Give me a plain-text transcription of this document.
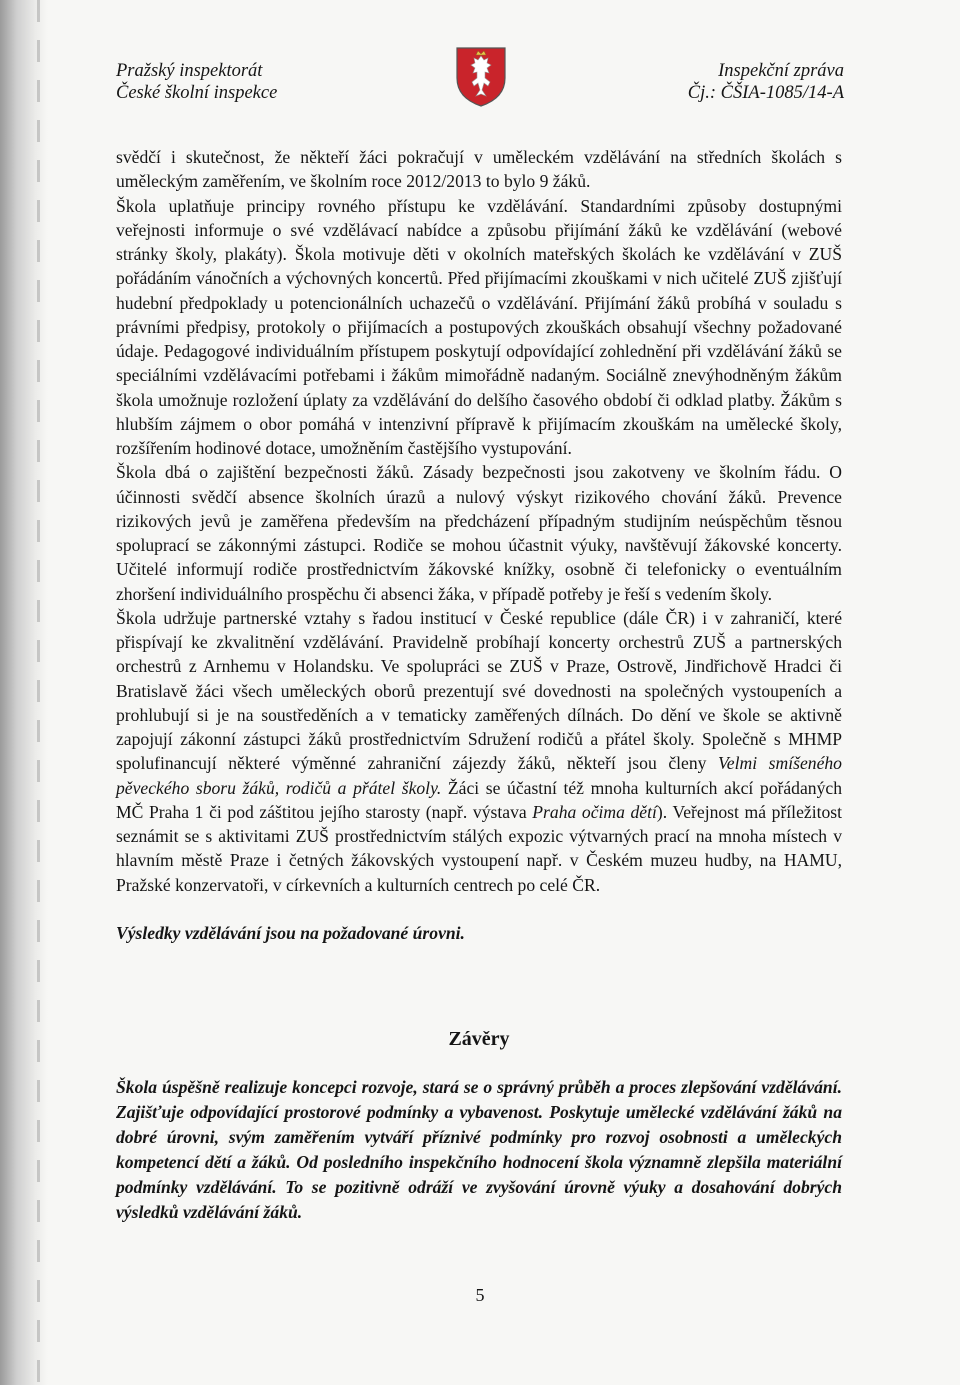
Pražský inspektorát
České školní inspekce
Inspekční zpráva
Čj.: ČŠIA-1085/14-A

svědčí i skutečnost, že někteří žáci pokračují v uměleckém vzdělávání na středních školách s uměleckým zaměřením, ve školním roce 2012/2013 to bylo 9 žáků.

Škola uplatňuje principy rovného přístupu ke vzdělávání. Standardními způsoby dostupnými veřejnosti informuje o své vzdělávací nabídce a způsobu přijímání žáků ke vzdělávání (webové stránky školy, plakáty). Škola motivuje děti v okolních mateřských školách ke vzdělávání v ZUŠ pořádáním vánočních a výchovných koncertů. Před přijímacími zkouškami v nich učitelé ZUŠ zjišťují hudební předpoklady u potencionálních uchazečů o vzdělávání. Přijímání žáků probíhá v souladu s právními předpisy, protokoly o přijímacích a postupových zkouškách obsahují všechny požadované údaje. Pedagogové individuálním přístupem poskytují odpovídající zohlednění při vzdělávání žáků se speciálními vzdělávacími potřebami i žákům mimořádně nadaným. Sociálně znevýhodněným žákům škola umožnuje rozložení úplaty za vzdělávání do delšího časového období či odklad platby. Žákům s hlubším zájmem o obor pomáhá v intenzivní přípravě k přijímacím zkouškám na umělecké školy, rozšířením hodinové dotace, umožněním častějšího vystupování.

Škola dbá o zajištění bezpečnosti žáků. Zásady bezpečnosti jsou zakotveny ve školním řádu. O účinnosti svědčí absence školních úrazů a nulový výskyt rizikového chování žáků. Prevence rizikových jevů je zaměřena především na předcházení případným studijním neúspěchům těsnou spoluprací se zákonnými zástupci. Rodiče se mohou účastnit výuky, navštěvují žákovské koncerty. Učitelé informují rodiče prostřednictvím žákovské knížky, osobně či telefonicky o eventuálním zhoršení individuálního prospěchu či absenci žáka, v případě potřeby je řeší s vedením školy.

Škola udržuje partnerské vztahy s řadou institucí v České republice (dále ČR) i v zahraničí, které přispívají ke zkvalitnění vzdělávání. Pravidelně probíhají koncerty orchestrů ZUŠ a partnerských orchestrů z Arnhemu v Holandsku. Ve spolupráci se ZUŠ v Praze, Ostrově, Jindřichově Hradci či Bratislavě žáci všech uměleckých oborů prezentují své dovednosti na společných vystoupeních a prohlubují si je na soustředěních a v tematicky zaměřených dílnách. Do dění ve škole se aktivně zapojují zákonní zástupci žáků prostřednictvím Sdružení rodičů a přátel školy. Společně s MHMP spolufinancují některé výměnné zahraniční zájezdy žáků, někteří jsou členy Velmi smíšeného pěveckého sboru žáků, rodičů a přátel školy. Žáci se účastní též mnoha kulturních akcí pořádaných MČ Praha 1 či pod záštitou jejího starosty (např. výstava Praha očima dětí). Veřejnost má příležitost seznámit se s aktivitami ZUŠ prostřednictvím stálých expozic výtvarných prací na mnoha místech v hlavním městě Praze i četných žákovských vystoupení např. v Českém muzeu hudby, na HAMU, Pražské konzervatoři, v církevních a kulturních centrech po celé ČR.

Výsledky vzdělávání jsou na požadované úrovni.

Závěry

Škola úspěšně realizuje koncepci rozvoje, stará se o správný průběh a proces zlepšování vzdělávání. Zajišťuje odpovídající prostorové podmínky a vybavenost. Poskytuje umělecké vzdělávání žáků na dobré úrovni, svým zaměřením vytváří příznivé podmínky pro rozvoj osobnosti a uměleckých kompetencí dětí a žáků. Od posledního inspekčního hodnocení škola významně zlepšila materiální podmínky vzdělávání. To se pozitivně odráží ve zvyšování úrovně výuky a dosahování dobrých výsledků vzdělávání žáků.

5
